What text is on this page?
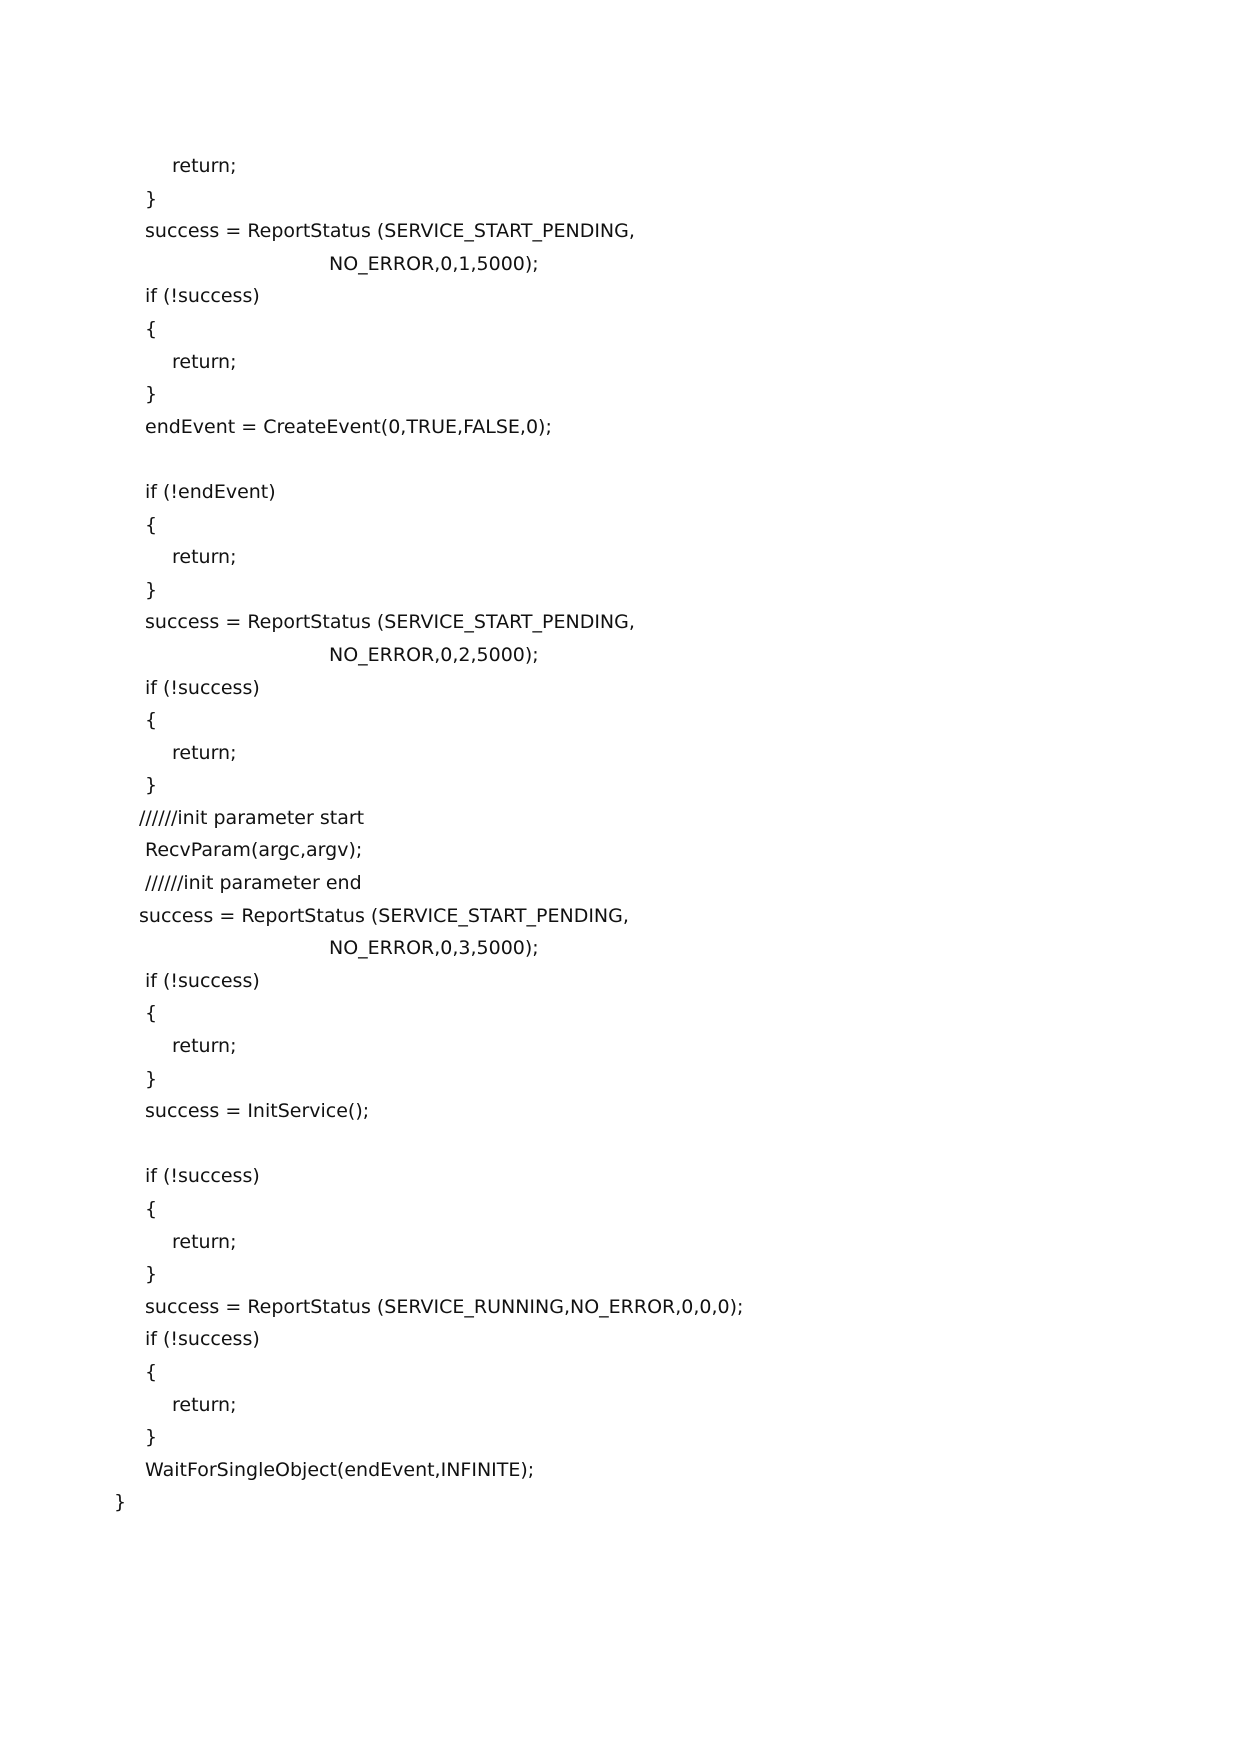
return;
}
success = ReportStatus (SERVICE_START_PENDING,
NO_ERROR,0,1,5000);
if (!success)
{
return;
}
endEvent = CreateEvent(0,TRUE,FALSE,0);
if (!endEvent)
{
return;
}
success = ReportStatus (SERVICE_START_PENDING,
NO_ERROR,0,2,5000);
if (!success)
{
return;
}
//////init parameter start
RecvParam(argc,argv);
//////init parameter end
success = ReportStatus (SERVICE_START_PENDING,
NO_ERROR,0,3,5000);
if (!success)
{
return;
}
success = InitService();
if (!success)
{
return;
}
success = ReportStatus (SERVICE_RUNNING,NO_ERROR,0,0,0);
if (!success)
{
return;
}
WaitForSingleObject(endEvent,INFINITE);
}
